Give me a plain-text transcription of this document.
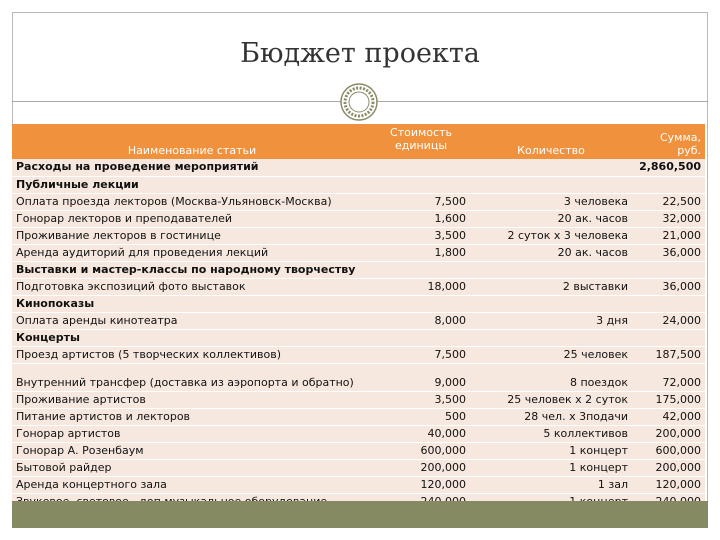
Бюджет проекта
Наименование статьи	Стоимость единицы	Количество	Сумма, руб.
Расходы на проведение мероприятий			2,860,500
Публичные лекции			
Оплата проезда лекторов (Москва-Ульяновск-Москва)	7,500	3 человека	22,500
Гонорар лекторов и преподавателей	1,600	20 ак. часов	32,000
Проживание лекторов в гостинице	3,500	2 суток х 3 человека	21,000
Аренда аудиторий для проведения лекций	1,800	20 ак. часов	36,000
Выставки и мастер-классы по народному творчеству			
Подготовка экспозиций фото выставок	18,000	2 выставки	36,000
Кинопоказы			
Оплата аренды кинотеатра	8,000	3 дня	24,000
Концерты			
Проезд артистов (5 творческих коллективов)	7,500	25 человек	187,500
Внутренний трансфер (доставка из аэропорта и обратно)	9,000	8 поездок	72,000
Проживание артистов	3,500	25 человек х 2 суток	175,000
Питание артистов и лекторов	500	28 чел. х 3подачи	42,000
Гонорар артистов	40,000	5 коллективов	200,000
Гонорар А. Розенбаум	600,000	1 концерт	600,000
Бытовой райдер	200,000	1 концерт	200,000
Аренда концертного зала	120,000	1 зал	120,000
